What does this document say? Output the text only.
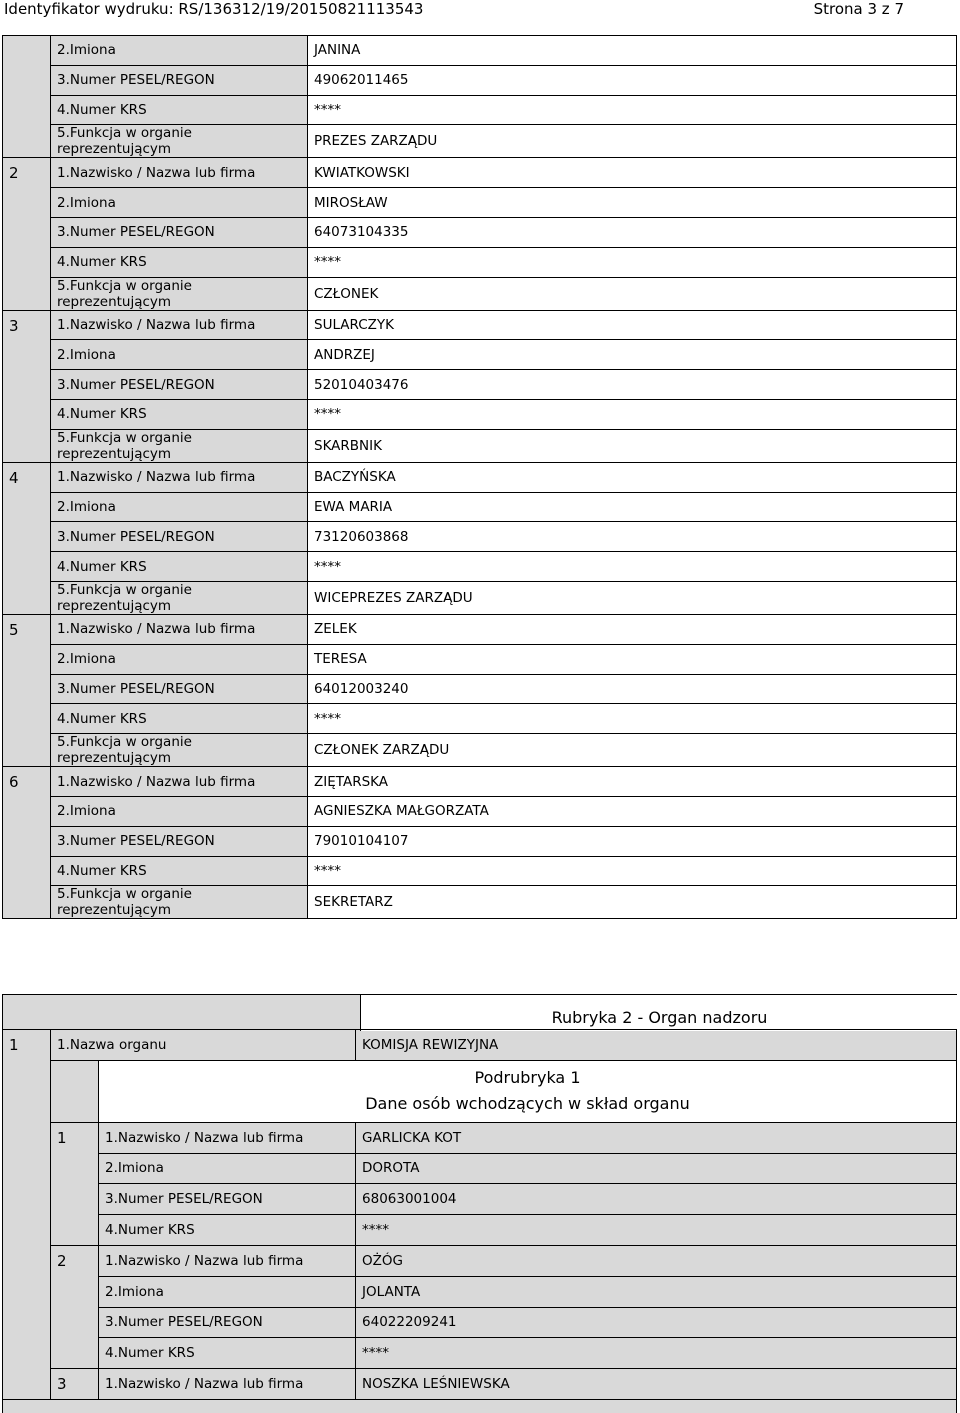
Identyfikator wydruku: RS/136312/19/20150821113543	Strona 3 z 7
	2.Imiona	JANINA
	3.Numer PESEL/REGON	49062011465
	4.Numer KRS	****
	5.Funkcja w organie reprezentującym	PREZES ZARZĄDU
2	1.Nazwisko / Nazwa lub firma	KWIATKOWSKI
	2.Imiona	MIROSŁAW
	3.Numer PESEL/REGON	64073104335
	4.Numer KRS	****
	5.Funkcja w organie reprezentującym	CZŁONEK
3	1.Nazwisko / Nazwa lub firma	SULARCZYK
	2.Imiona	ANDRZEJ
	3.Numer PESEL/REGON	52010403476
	4.Numer KRS	****
	5.Funkcja w organie reprezentującym	SKARBNIK
4	1.Nazwisko / Nazwa lub firma	BACZYŃSKA
	2.Imiona	EWA MARIA
	3.Numer PESEL/REGON	73120603868
	4.Numer KRS	****
	5.Funkcja w organie reprezentującym	WICEPREZES ZARZĄDU
5	1.Nazwisko / Nazwa lub firma	ZELEK
	2.Imiona	TERESA
	3.Numer PESEL/REGON	64012003240
	4.Numer KRS	****
	5.Funkcja w organie reprezentującym	CZŁONEK ZARZĄDU
6	1.Nazwisko / Nazwa lub firma	ZIĘTARSKA
	2.Imiona	AGNIESZKA MAŁGORZATA
	3.Numer PESEL/REGON	79010104107
	4.Numer KRS	****
	5.Funkcja w organie reprezentującym	SEKRETARZ
Rubryka 2 - Organ nadzoru
1	1.Nazwa organu		KOMISJA REWIZYJNA

		Podrubryka 1
Dane osób wchodzących w skład organu	

	1	1.Nazwisko / Nazwa lub firma	GARLICKA KOT
		2.Imiona	DOROTA
		3.Numer PESEL/REGON	68063001004
		4.Numer KRS	****
	2	1.Nazwisko / Nazwa lub firma	OŻÓG
		2.Imiona	JOLANTA
		3.Numer PESEL/REGON	64022209241
		4.Numer KRS	****
	3	1.Nazwisko / Nazwa lub firma	NOSZKA LEŚNIEWSKA
